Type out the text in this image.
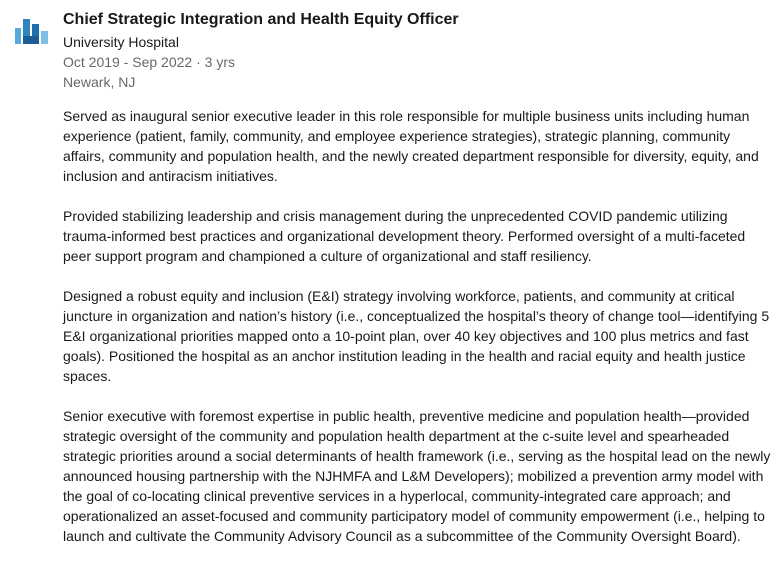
Chief Strategic Integration and Health Equity Officer
University Hospital
Oct 2019 - Sep 2022 · 3 yrs
Newark, NJ

Served as inaugural senior executive leader in this role responsible for multiple business units including human experience (patient, family, community, and employee experience strategies), strategic planning, community affairs, community and population health, and the newly created department responsible for diversity, equity, and inclusion and antiracism initiatives.

Provided stabilizing leadership and crisis management during the unprecedented COVID pandemic utilizing trauma-informed best practices and organizational development theory. Performed oversight of a multi-faceted peer support program and championed a culture of organizational and staff resiliency.

Designed a robust equity and inclusion (E&I) strategy involving workforce, patients, and community at critical juncture in organization and nation’s history (i.e., conceptualized the hospital’s theory of change tool—identifying 5 E&I organizational priorities mapped onto a 10-point plan, over 40 key objectives and 100 plus metrics and fast goals). Positioned the hospital as an anchor institution leading in the health and racial equity and health justice spaces.

Senior executive with foremost expertise in public health, preventive medicine and population health—provided strategic oversight of the community and population health department at the c-suite level and spearheaded strategic priorities around a social determinants of health framework (i.e., serving as the hospital lead on the newly announced housing partnership with the NJHMFA and L&M Developers); mobilized a prevention army model with the goal of co-locating clinical preventive services in a hyperlocal, community-integrated care approach; and operationalized an asset-focused and community participatory model of community empowerment (i.e., helping to launch and cultivate the Community Advisory Council as a subcommittee of the Community Oversight Board).
